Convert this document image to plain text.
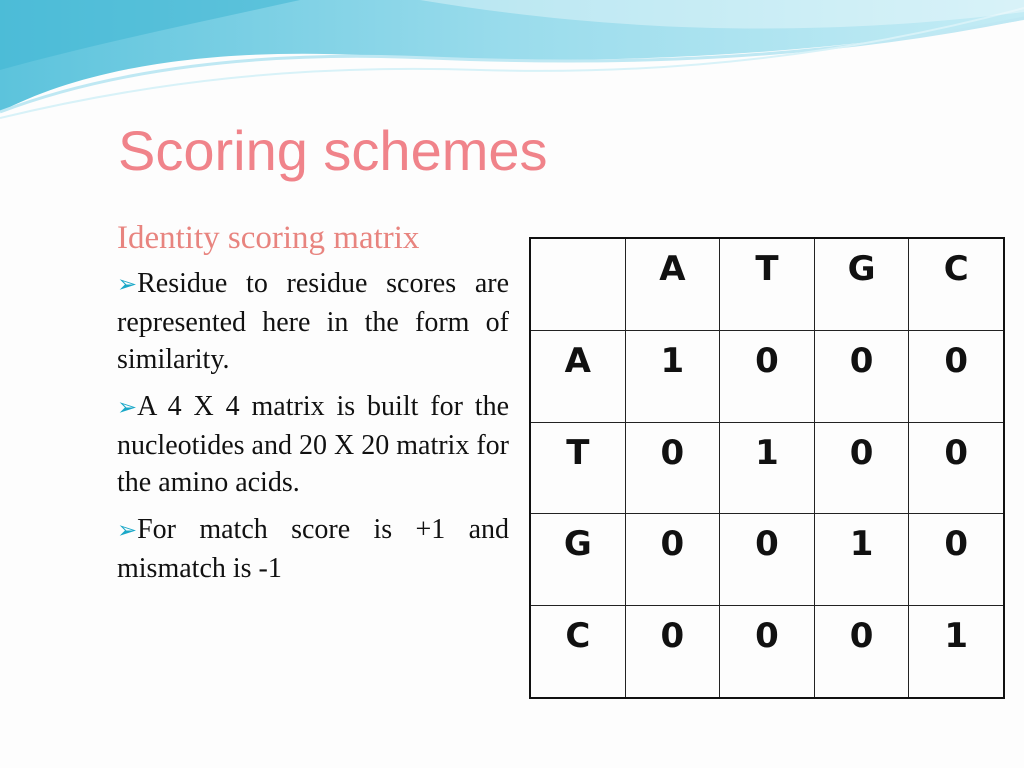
Scoring schemes
Identity scoring matrix

➢Residue to residue scores are represented here in the form of similarity.

➢A 4 X 4 matrix is built for the nucleotides and 20 X 20 matrix for the amino acids.

➢For match score is +1 and mismatch is -1

	A	T	G	C
A	1	0	0	0
T	0	1	0	0
G	0	0	1	0
C	0	0	0	1
